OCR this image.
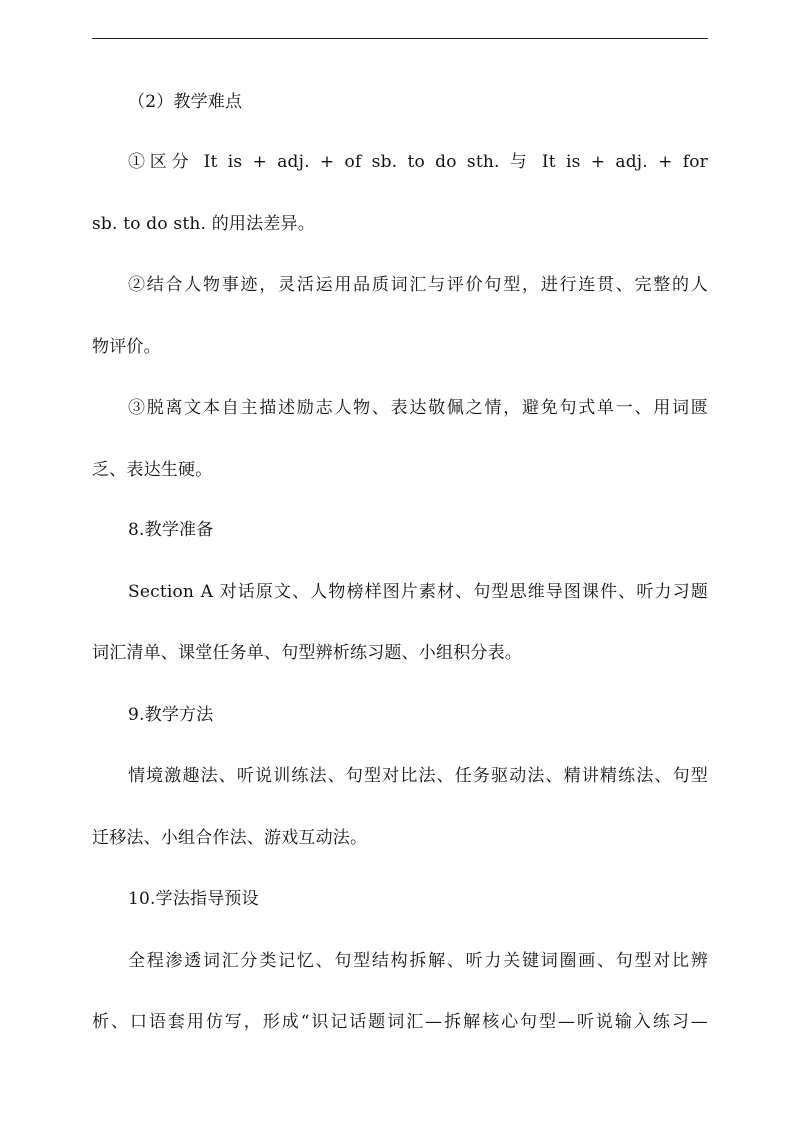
（2）教学难点
①区分 It is + adj. + of sb. to do sth. 与 It is + adj. + for
sb. to do sth. 的用法差异。
②结合人物事迹，灵活运用品质词汇与评价句型，进行连贯、完整的人
物评价。
③脱离文本自主描述励志人物、表达敬佩之情，避免句式单一、用词匮
乏、表达生硬。
8.教学准备
Section A 对话原文、人物榜样图片素材、句型思维导图课件、听力习题
词汇清单、课堂任务单、句型辨析练习题、小组积分表。
9.教学方法
情境激趣法、听说训练法、句型对比法、任务驱动法、精讲精练法、句型
迁移法、小组合作法、游戏互动法。
10.学法指导预设
全程渗透词汇分类记忆、句型结构拆解、听力关键词圈画、句型对比辨
析、口语套用仿写，形成“识记话题词汇—拆解核心句型—听说输入练习—
